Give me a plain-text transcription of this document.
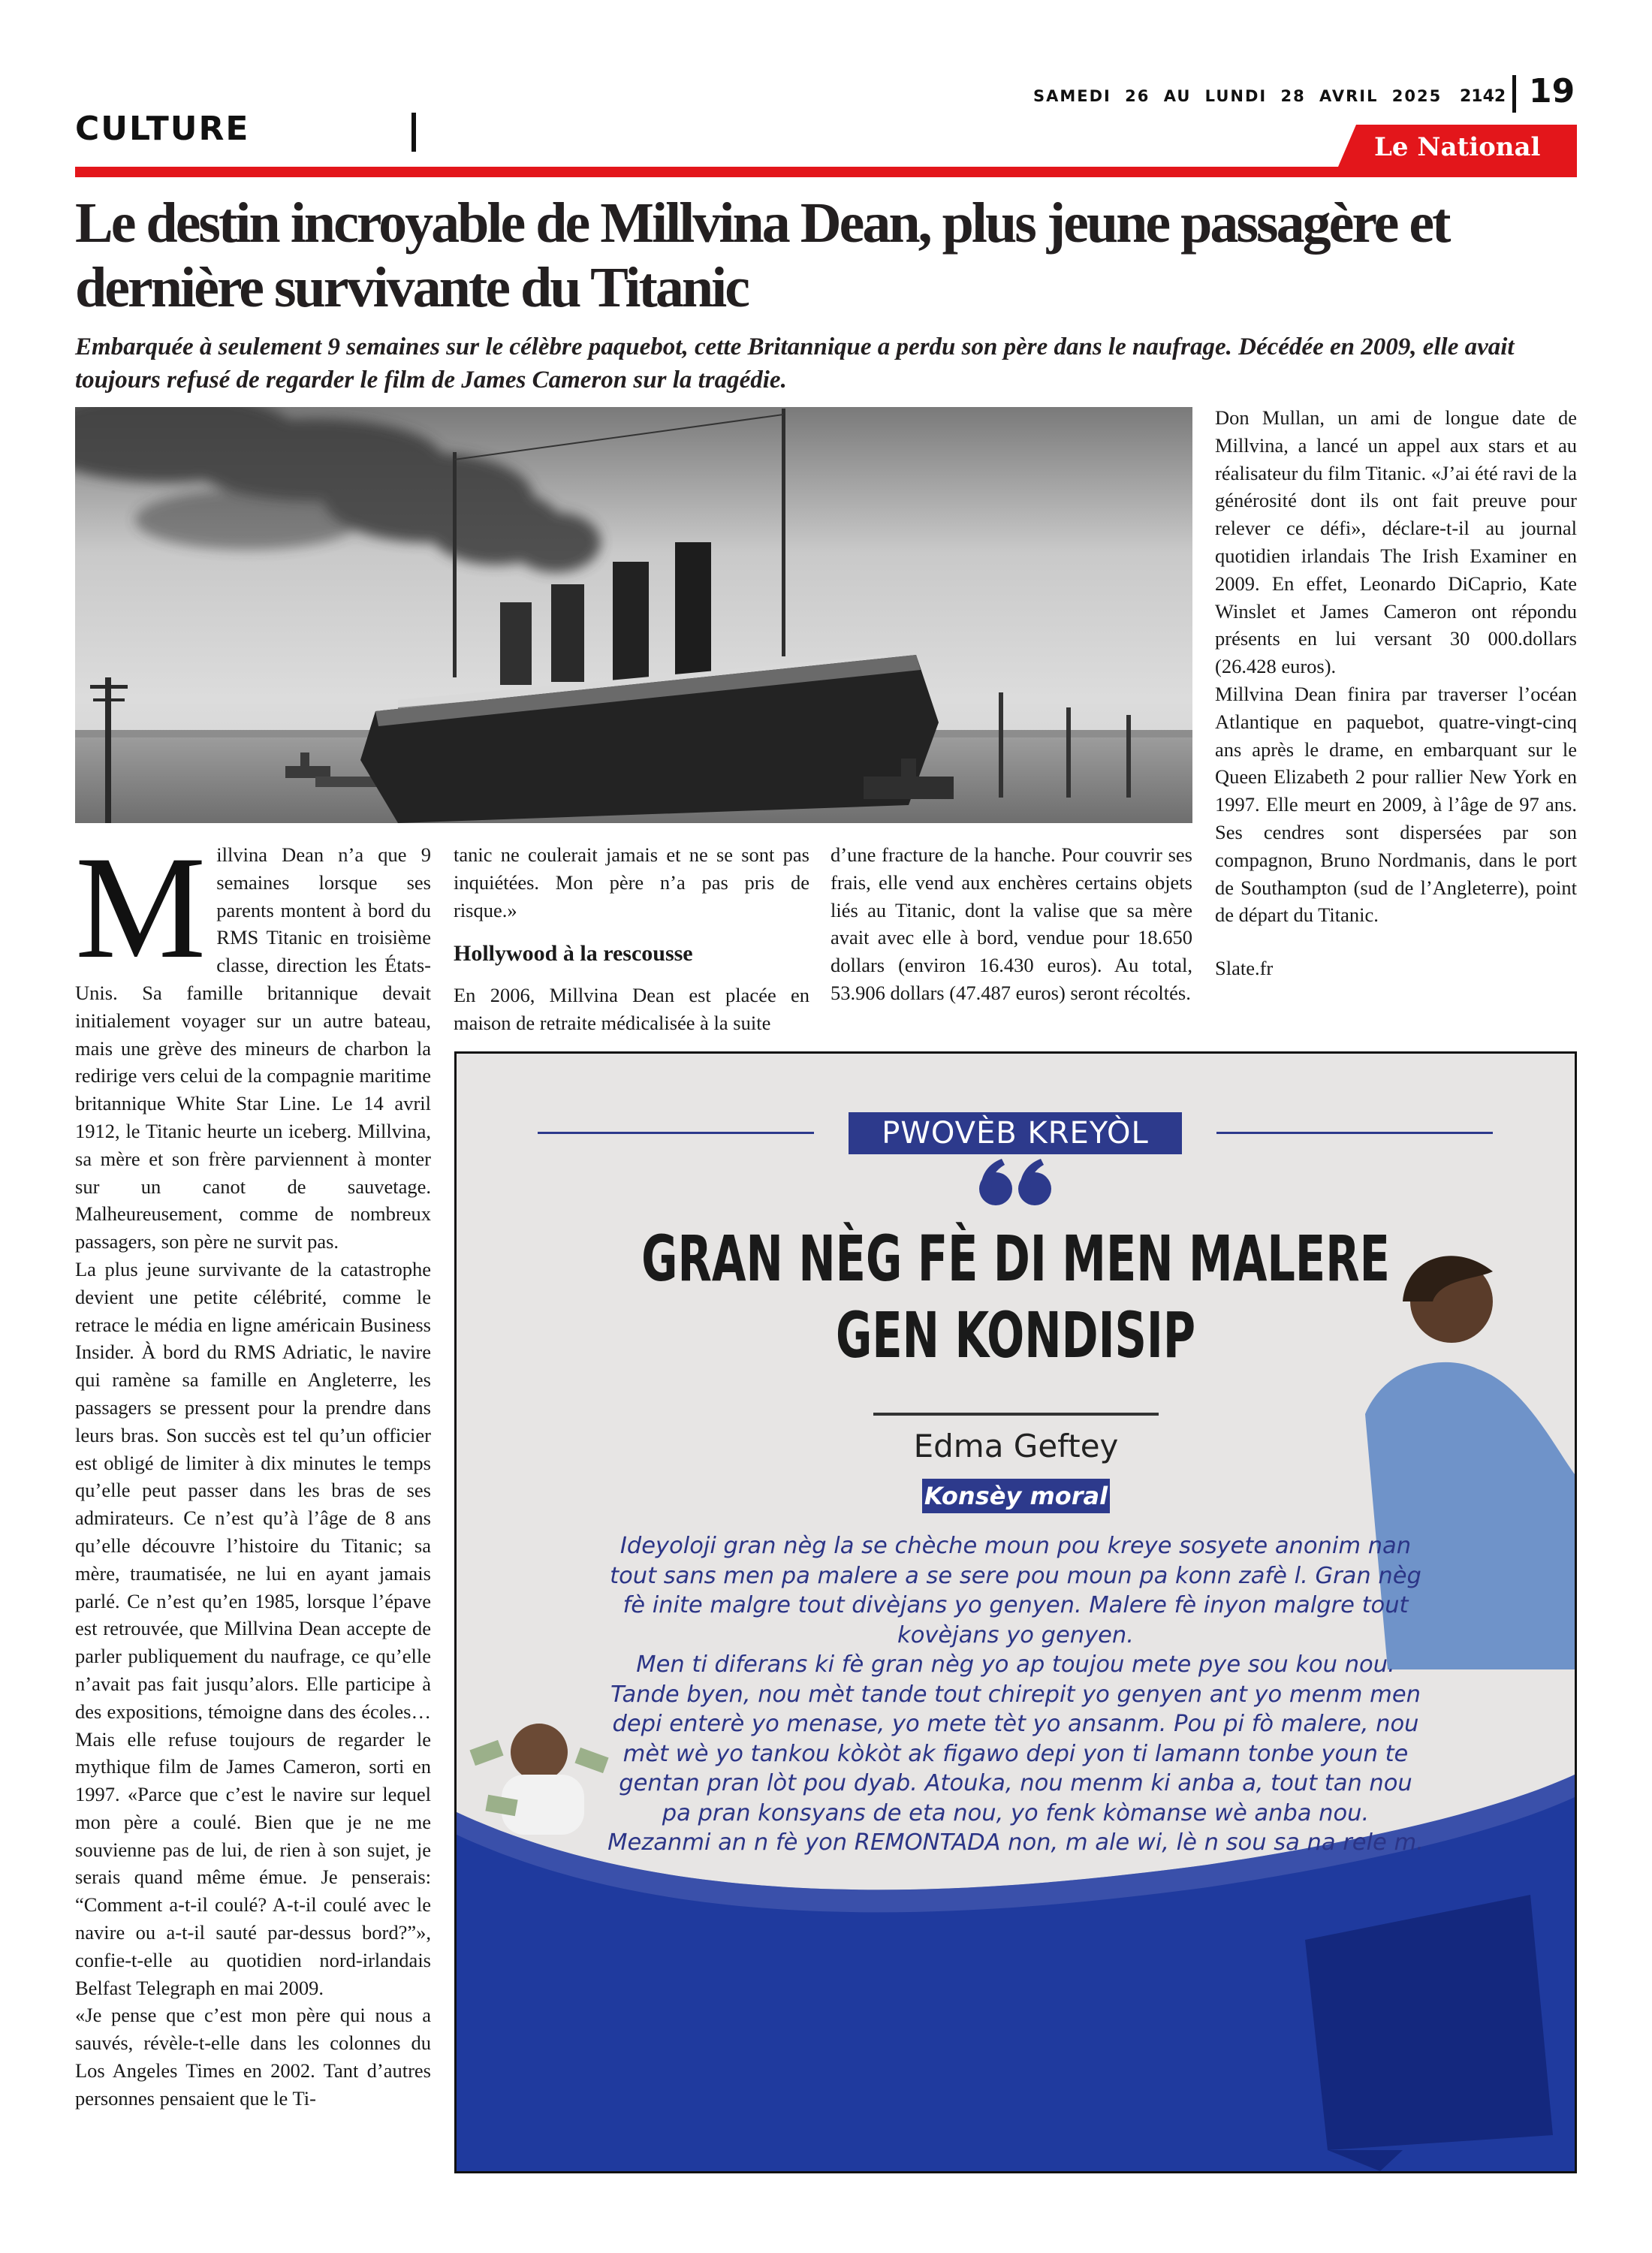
CULTURE
SAMEDI 26 AU LUNDI 28 AVRIL 2025 2142 19
Le National
Le destin incroyable de Millvina Dean, plus jeune passagère et dernière survivante du Titanic

Embarquée à seulement 9 semaines sur le célèbre paquebot, cette Britannique a perdu son père dans le naufrage. Décédée en 2009, elle avait toujours refusé de regarder le film de James Cameron sur la tragédie.

M illvina Dean n’a que 9 semaines lorsque ses parents montent à bord du RMS Titanic en troisième classe, direction les États-Unis. Sa famille britannique devait initialement voyager sur un autre bateau, mais une grève des mineurs de charbon la redirige vers celui de la compagnie maritime britannique White Star Line. Le 14 avril 1912, le Titanic heurte un iceberg. Millvina, sa mère et son frère parviennent à monter sur un canot de sauvetage. Malheureusement, comme de nombreux passagers, son père ne survit pas.

La plus jeune survivante de la catastrophe devient une petite célébrité, comme le retrace le média en ligne américain Business Insider. À bord du RMS Adriatic, le navire qui ramène sa famille en Angleterre, les passagers se pressent pour la prendre dans leurs bras. Son succès est tel qu’un officier est obligé de limiter à dix minutes le temps qu’elle peut passer dans les bras de ses admirateurs. Ce n’est qu’à l’âge de 8 ans qu’elle découvre l’histoire du Titanic; sa mère, traumatisée, ne lui en ayant jamais parlé. Ce n’est qu’en 1985, lorsque l’épave est retrouvée, que Millvina Dean accepte de parler publiquement du naufrage, ce qu’elle n’avait pas fait jusqu’alors. Elle participe à des expositions, témoigne dans des écoles… Mais elle refuse toujours de regarder le mythique film de James Cameron, sorti en 1997. «Parce que c’est le navire sur lequel mon père a coulé. Bien que je ne me souvienne pas de lui, de rien à son sujet, je serais quand même émue. Je penserais: “Comment a-t-il coulé? A-t-il coulé avec le navire ou a-t-il sauté par-dessus bord?”», confie-t-elle au quotidien nord-irlandais Belfast Telegraph en mai 2009.

«Je pense que c’est mon père qui nous a sauvés, révèle-t-elle dans les colonnes du Los Angeles Times en 2002. Tant d’autres personnes pensaient que le Ti-

tanic ne coulerait jamais et ne se sont pas inquiétées. Mon père n’a pas pris de risque.»

Hollywood à la rescousse

En 2006, Millvina Dean est placée en maison de retraite médicalisée à la suite

d’une fracture de la hanche. Pour couvrir ses frais, elle vend aux enchères certains objets liés au Titanic, dont la valise que sa mère avait avec elle à bord, vendue pour 18.650 dollars (environ 16.430 euros). Au total, 53.906 dollars (47.487 euros) seront récoltés.

Don Mullan, un ami de longue date de Millvina, a lancé un appel aux stars et au réalisateur du film Titanic. «J’ai été ravi de la générosité dont ils ont fait preuve pour relever ce défi», déclare-t-il au journal quotidien irlandais The Irish Examiner en 2009. En effet, Leonardo DiCaprio, Kate Winslet et James Cameron ont répondu présents en lui versant 30 000.dollars (26.428 euros).

Millvina Dean finira par traverser l’océan Atlantique en paquebot, quatre-vingt-cinq ans après le drame, en embarquant sur le Queen Elizabeth 2 pour rallier New York en 1997. Elle meurt en 2009, à l’âge de 97 ans. Ses cendres sont dispersées par son compagnon, Bruno Nordmanis, dans le port de Southampton (sud de l’Angleterre), point de départ du Titanic.

Slate.fr

PWOVÈB KREYÒL
GRAN NÈG FÈ DI MEN MALERE
GEN KONDISIP
Edma Geftey
Konsèy moral

Ideyoloji gran nèg la se chèche moun pou kreye sosyete anonim nan tout sans men pa malere a se sere pou moun pa konn zafè l. Gran nèg fè inite malgre tout divèjans yo genyen. Malere fè inyon malgre tout kovèjans yo genyen.

Men ti diferans ki fè gran nèg yo ap toujou mete pye sou kou nou. Tande byen, nou mèt tande tout chirepit yo genyen ant yo menm men depi enterè yo menase, yo mete tèt yo ansanm. Pou pi fò malere, nou mèt wè yo tankou kòkòt ak figawo depi yon ti lamann tonbe youn te gentan pran lòt pou dyab. Atouka, nou menm ki anba a, tout tan nou pa pran konsyans de eta nou, yo fenk kòmanse wè anba nou.

Mezanmi an n fè yon REMONTADA non, m ale wi, lè n sou sa na rele m.
